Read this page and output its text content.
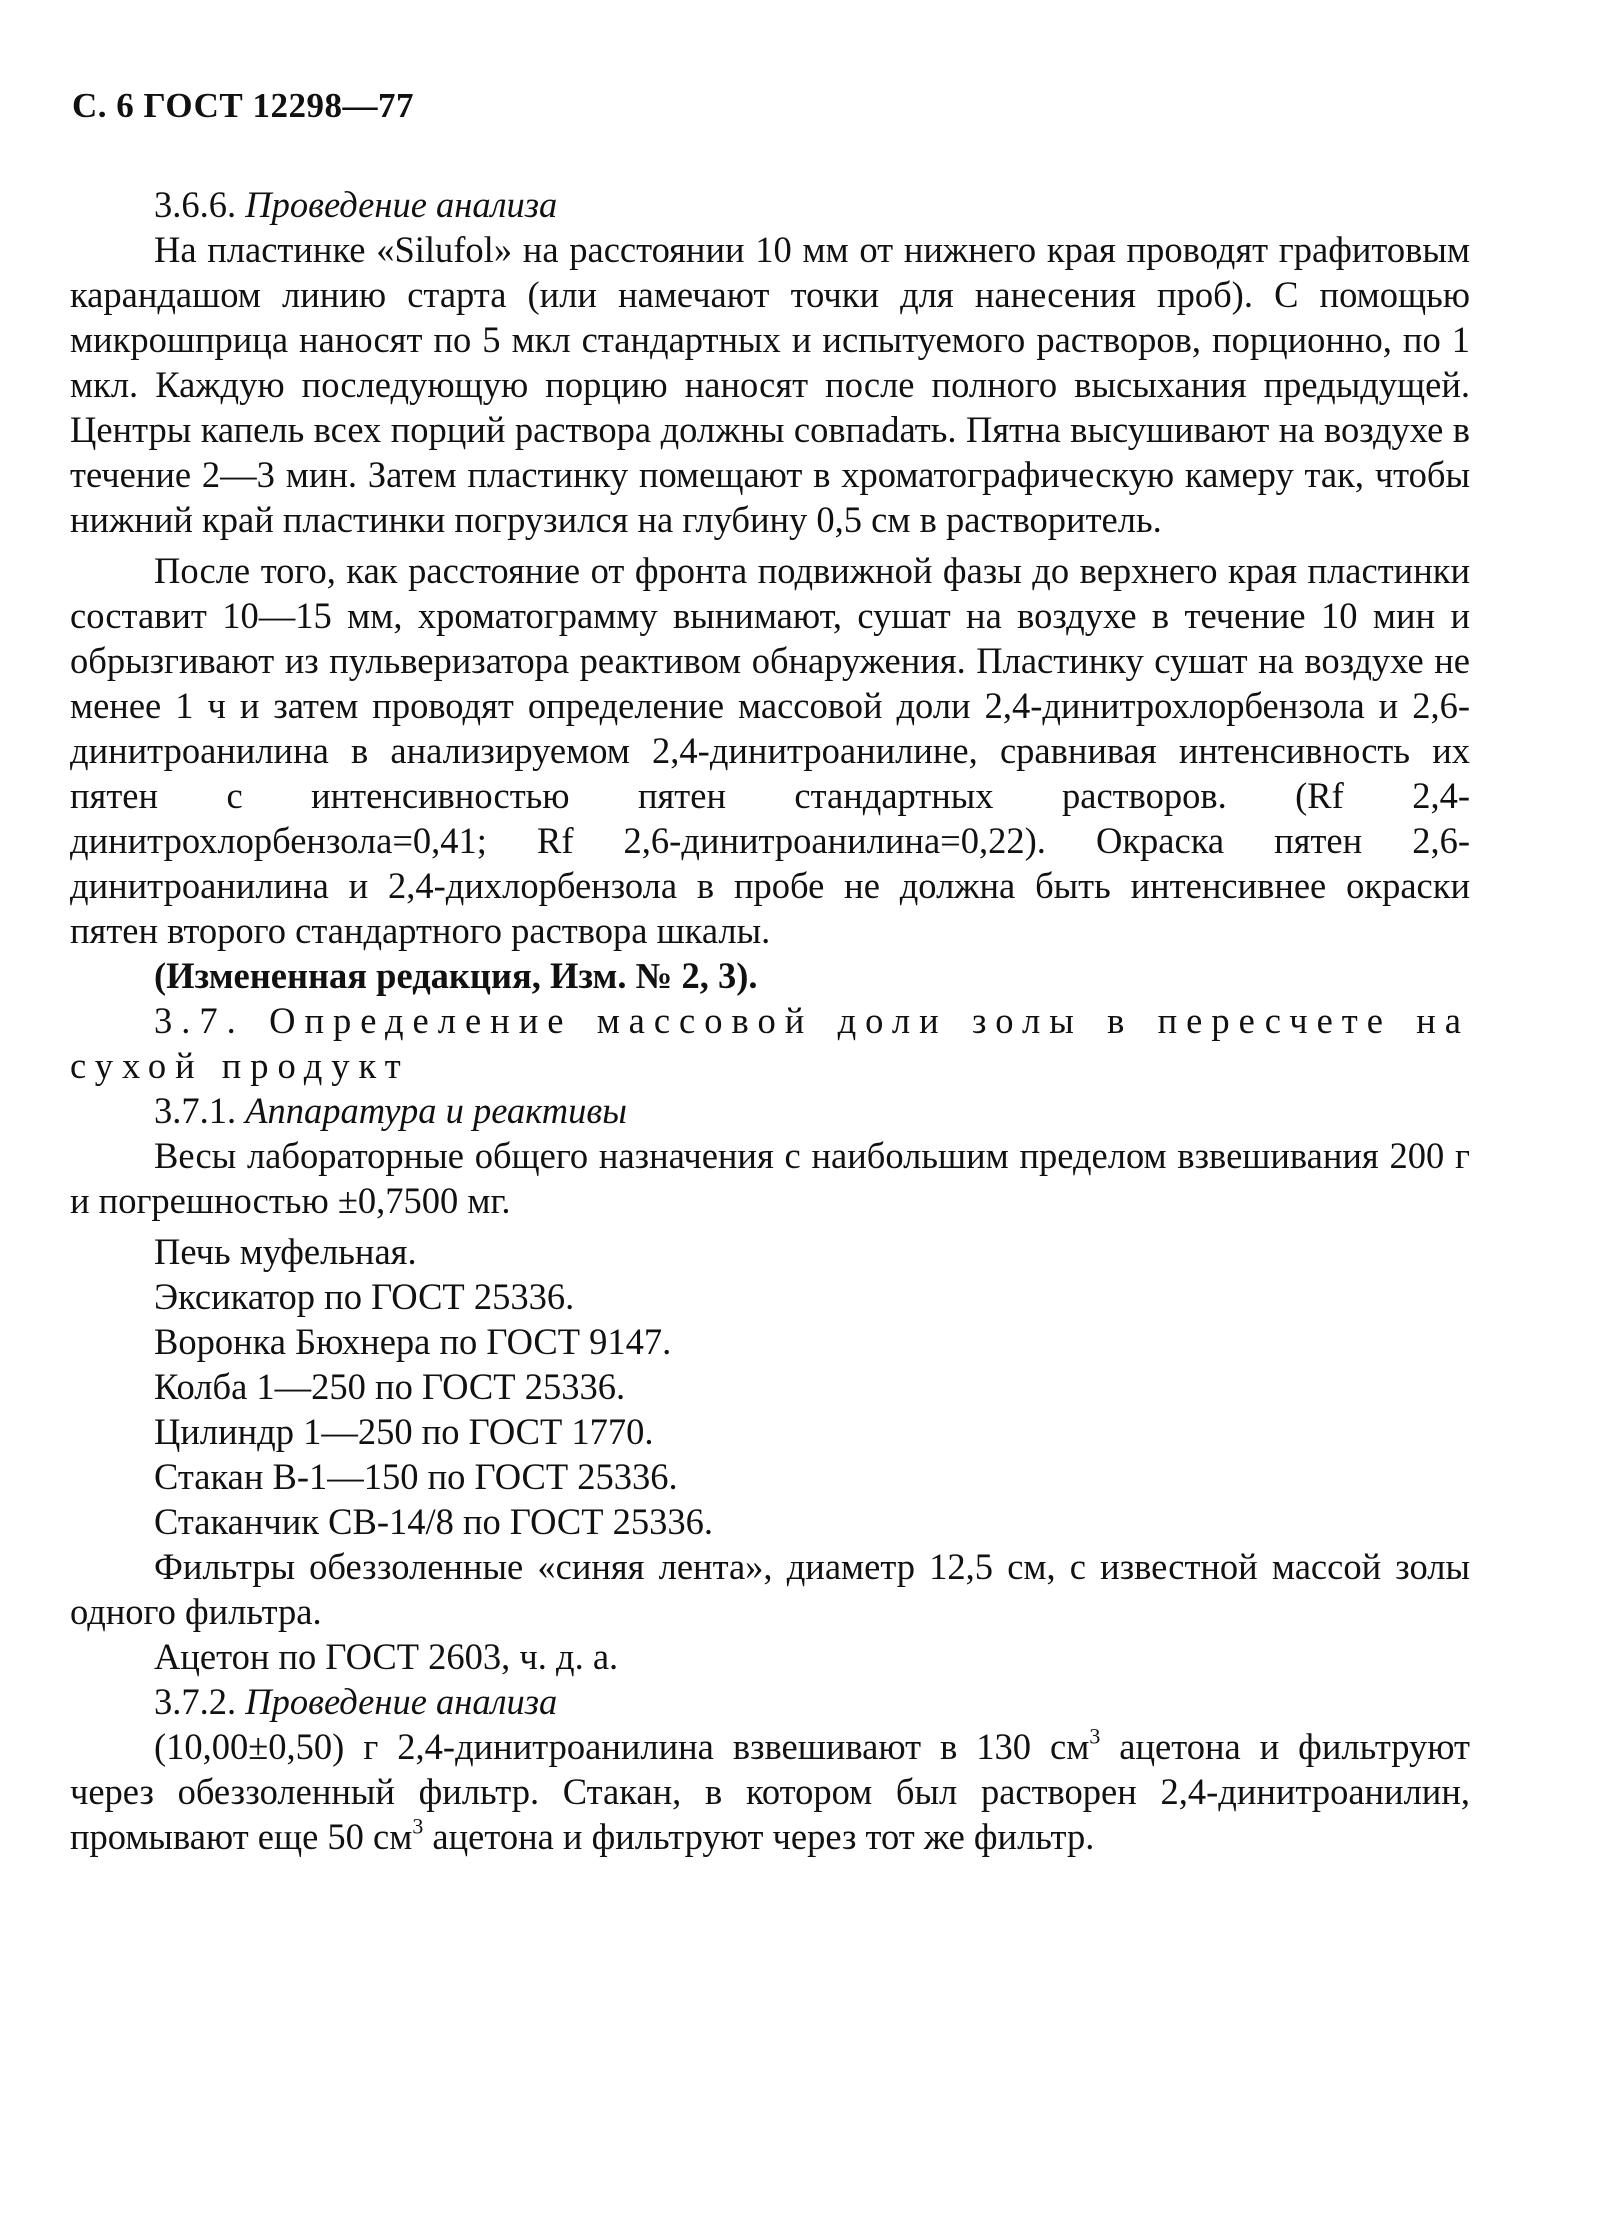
С. 6 ГОСТ 12298—77

3.6.6. Проведение анализа

На пластинке «Silufol» на расстоянии 10 мм от нижнего края проводят графитовым карандашом линию старта (или намечают точки для нанесения проб). С помощью микрошприца наносят по 5 мкл стандартных и испытуемого растворов, порционно, по 1 мкл. Каждую последующую порцию наносят после полного высыхания предыдущей. Центры капель всех порций раствора должны совпаdать. Пятна высушивают на воздухе в течение 2—3 мин. Затем пластинку помещают в хроматографическую камеру так, чтобы нижний край пластинки погрузился на глубину 0,5 см в растворитель.

После того, как расстояние от фронта подвижной фазы до верхнего края пластинки составит 10—15 мм, хроматограмму вынимают, сушат на воздухе в течение 10 мин и обрызгивают из пульверизатора реактивом обнаружения. Пластинку сушат на воздухе не менее 1 ч и затем проводят определение массовой доли 2,4-динитрохлорбензола и 2,6-динитроанилина в анализируемом 2,4-динитроанилине, сравнивая интенсивность их пятен с интенсивностью пятен стандартных растворов. (Rf 2,4-динитрохлорбензола=0,41; Rf 2,6-динитроанилина=0,22). Окраска пятен 2,6-динитроанилина и 2,4-дихлорбензола в пробе не должна быть интенсивнее окраски пятен второго стандартного раствора шкалы.

(Измененная редакция, Изм. № 2, 3).

3.7. Определение массовой доли золы в пересчете на сухой продукт

3.7.1. Аппаратура и реактивы

Весы лабораторные общего назначения с наибольшим пределом взвешивания 200 г и погрешностью ±0,7500 мг.

Печь муфельная.

Эксикатор по ГОСТ 25336.

Воронка Бюхнера по ГОСТ 9147.

Колба 1—250 по ГОСТ 25336.

Цилиндр 1—250 по ГОСТ 1770.

Стакан В-1—150 по ГОСТ 25336.

Стаканчик СВ-14/8 по ГОСТ 25336.

Фильтры обеззоленные «синяя лента», диаметр 12,5 см, с известной массой золы одного фильтра.

Ацетон по ГОСТ 2603, ч. д. а.

3.7.2. Проведение анализа

(10,00±0,50) г 2,4-динитроанилина взвешивают в 130 $см^3$ ацетона и фильтруют через обеззоленный фильтр. Стакан, в котором был растворен 2,4-динитроанилин, промывают еще 50 $см^3$ ацетона и фильтруют через тот же фильтр.
